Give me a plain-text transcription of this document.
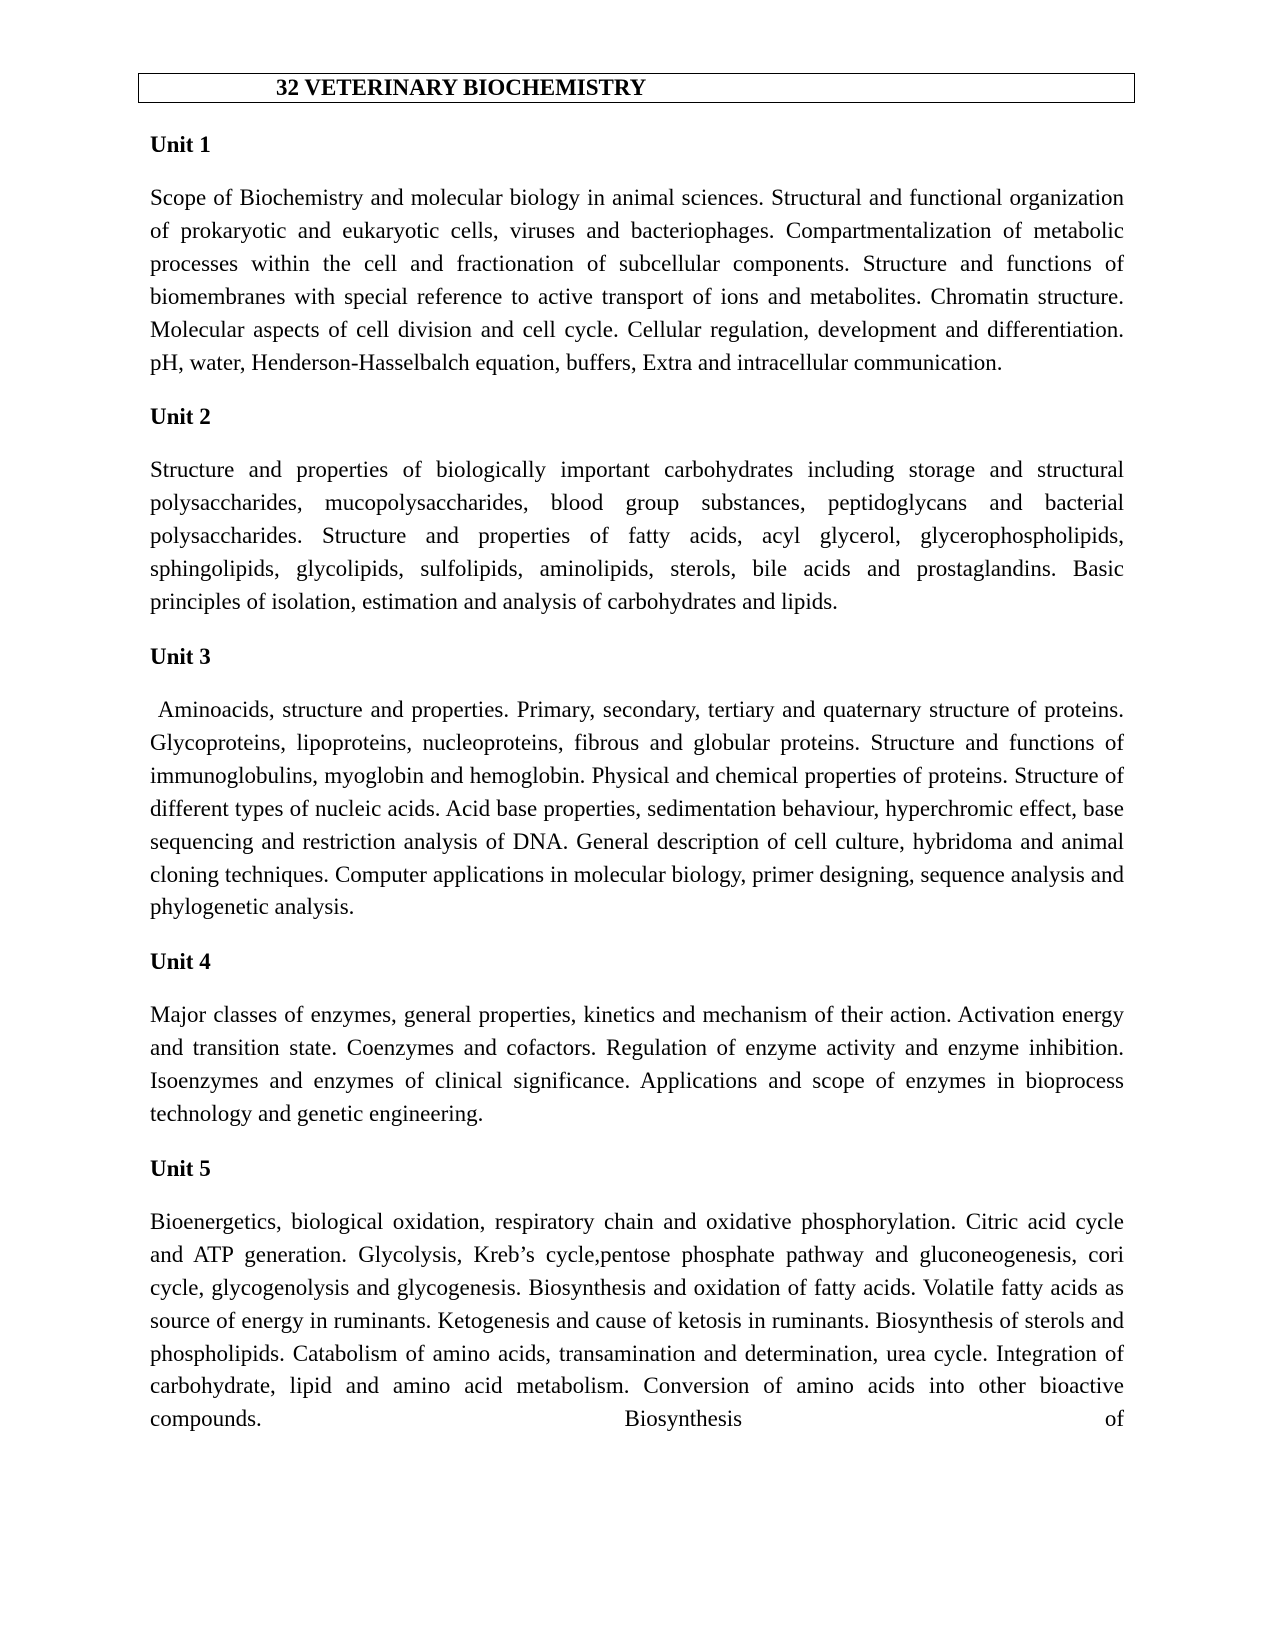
32 VETERINARY BIOCHEMISTRY
Unit 1

Scope of Biochemistry and molecular biology in animal sciences. Structural and functional organization of prokaryotic and eukaryotic cells, viruses and bacteriophages. Compartmentalization of metabolic processes within the cell and fractionation of subcellular components. Structure and functions of biomembranes with special reference to active transport of ions and metabolites. Chromatin structure. Molecular aspects of cell division and cell cycle. Cellular regulation, development and differentiation. pH, water, Henderson-Hasselbalch equation, buffers, Extra and intracellular communication.

Unit 2

Structure and properties of biologically important carbohydrates including storage and structural polysaccharides, mucopolysaccharides, blood group substances, peptidoglycans and bacterial polysaccharides. Structure and properties of fatty acids, acyl glycerol, glycerophospholipids, sphingolipids, glycolipids, sulfolipids, aminolipids, sterols, bile acids and prostaglandins. Basic principles of isolation, estimation and analysis of carbohydrates and lipids.

Unit 3

Aminoacids, structure and properties. Primary, secondary, tertiary and quaternary structure of proteins. Glycoproteins, lipoproteins, nucleoproteins, fibrous and globular proteins. Structure and functions of immunoglobulins, myoglobin and hemoglobin. Physical and chemical properties of proteins. Structure of different types of nucleic acids. Acid base properties, sedimentation behaviour, hyperchromic effect, base sequencing and restriction analysis of DNA. General description of cell culture, hybridoma and animal cloning techniques. Computer applications in molecular biology, primer designing, sequence analysis and phylogenetic analysis.

Unit 4

Major classes of enzymes, general properties, kinetics and mechanism of their action. Activation energy and transition state. Coenzymes and cofactors. Regulation of enzyme activity and enzyme inhibition. Isoenzymes and enzymes of clinical significance. Applications and scope of enzymes in bioprocess technology and genetic engineering.

Unit 5

Bioenergetics, biological oxidation, respiratory chain and oxidative phosphorylation. Citric acid cycle and ATP generation. Glycolysis, Kreb’s cycle,pentose phosphate pathway and gluconeogenesis, cori cycle, glycogenolysis and glycogenesis. Biosynthesis and oxidation of fatty acids. Volatile fatty acids as source of energy in ruminants. Ketogenesis and cause of ketosis in ruminants. Biosynthesis of sterols and phospholipids. Catabolism of amino acids, transamination and determination, urea cycle. Integration of carbohydrate, lipid and amino acid metabolism. Conversion of amino acids into other bioactive compounds. Biosynthesis of
